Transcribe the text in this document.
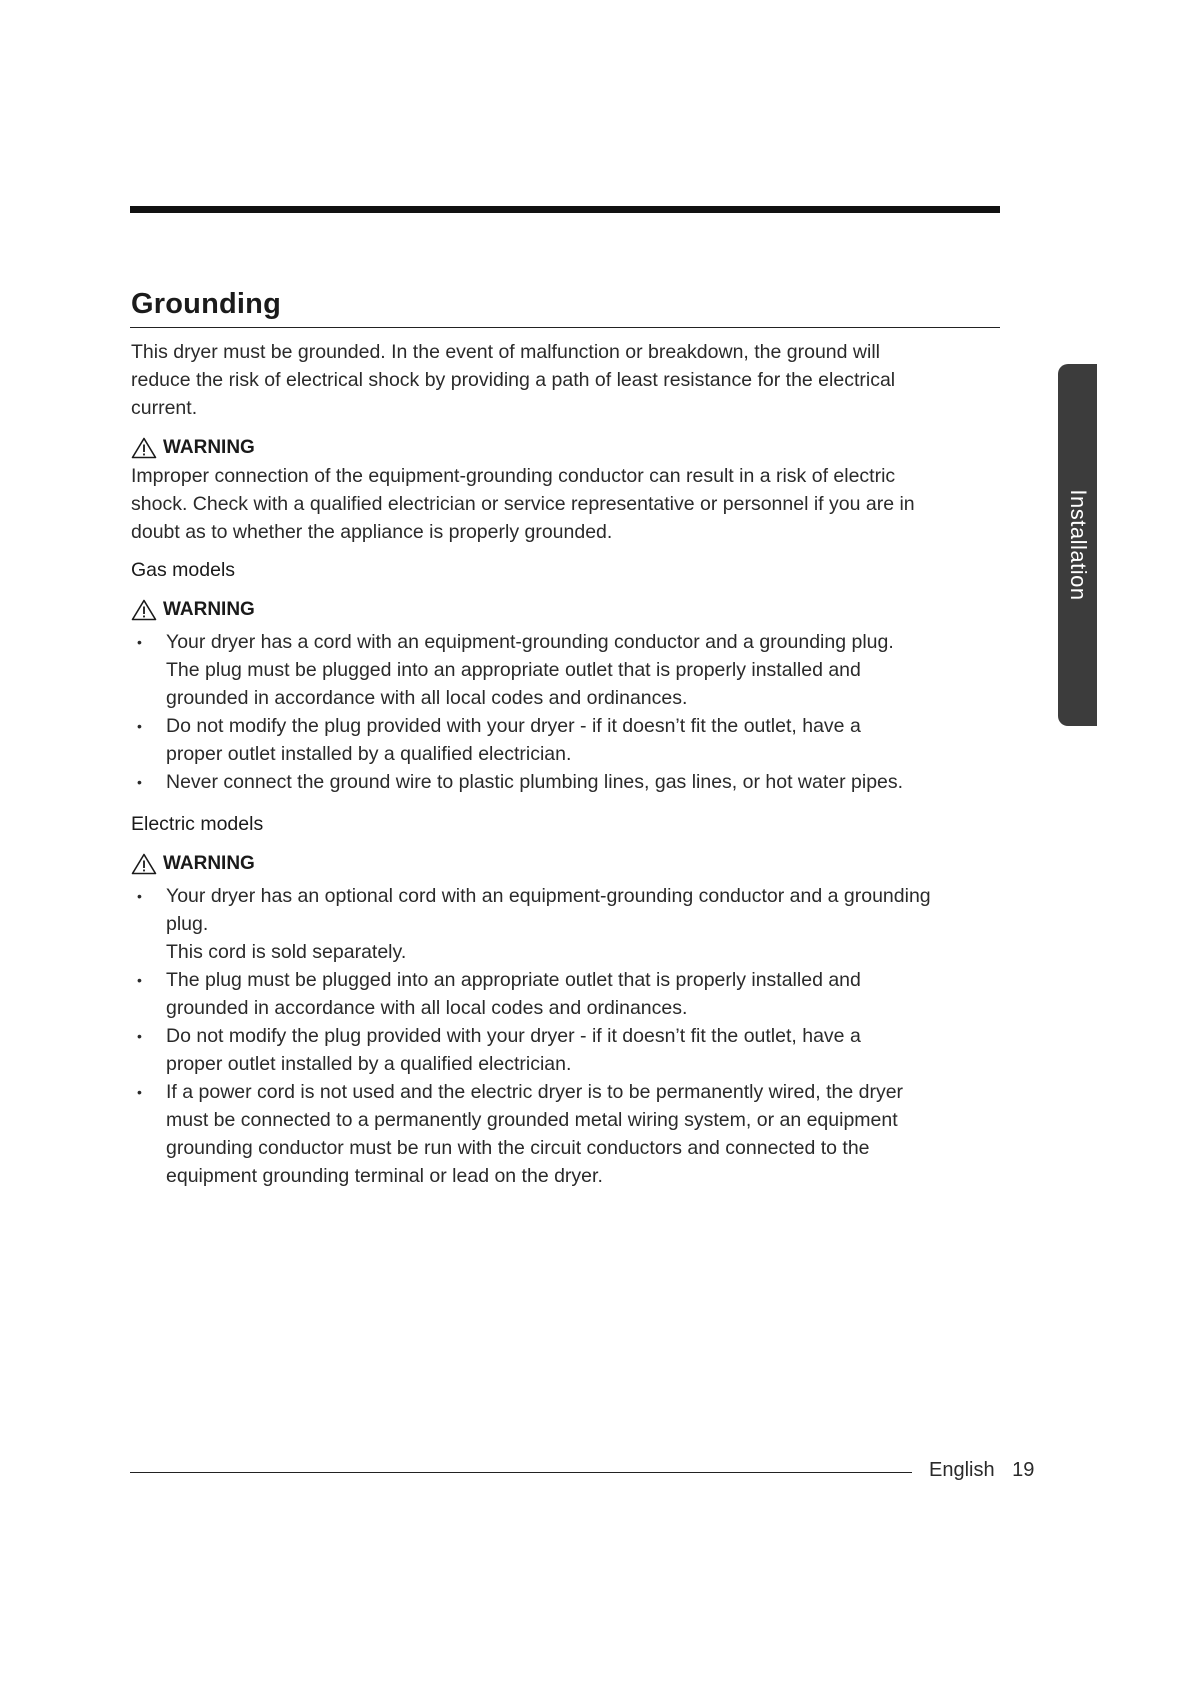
Grounding
Installation

This dryer must be grounded. In the event of malfunction or breakdown, the ground will
reduce the risk of electrical shock by providing a path of least resistance for the electrical
current.

WARNING

Improper connection of the equipment-grounding conductor can result in a risk of electric
shock. Check with a qualified electrician or service representative or personnel if you are in
doubt as to whether the appliance is properly grounded.

Gas models

WARNING
• Your dryer has a cord with an equipment-grounding conductor and a grounding plug.
The plug must be plugged into an appropriate outlet that is properly installed and
grounded in accordance with all local codes and ordinances.
• Do not modify the plug provided with your dryer - if it doesn’t fit the outlet, have a
proper outlet installed by a qualified electrician.
• Never connect the ground wire to plastic plumbing lines, gas lines, or hot water pipes.

Electric models

WARNING
• Your dryer has an optional cord with an equipment-grounding conductor and a grounding
plug.
This cord is sold separately.
• The plug must be plugged into an appropriate outlet that is properly installed and
grounded in accordance with all local codes and ordinances.
• Do not modify the plug provided with your dryer - if it doesn’t fit the outlet, have a
proper outlet installed by a qualified electrician.
• If a power cord is not used and the electric dryer is to be permanently wired, the dryer
must be connected to a permanently grounded metal wiring system, or an equipment
grounding conductor must be run with the circuit conductors and connected to the
equipment grounding terminal or lead on the dryer.
English 19
